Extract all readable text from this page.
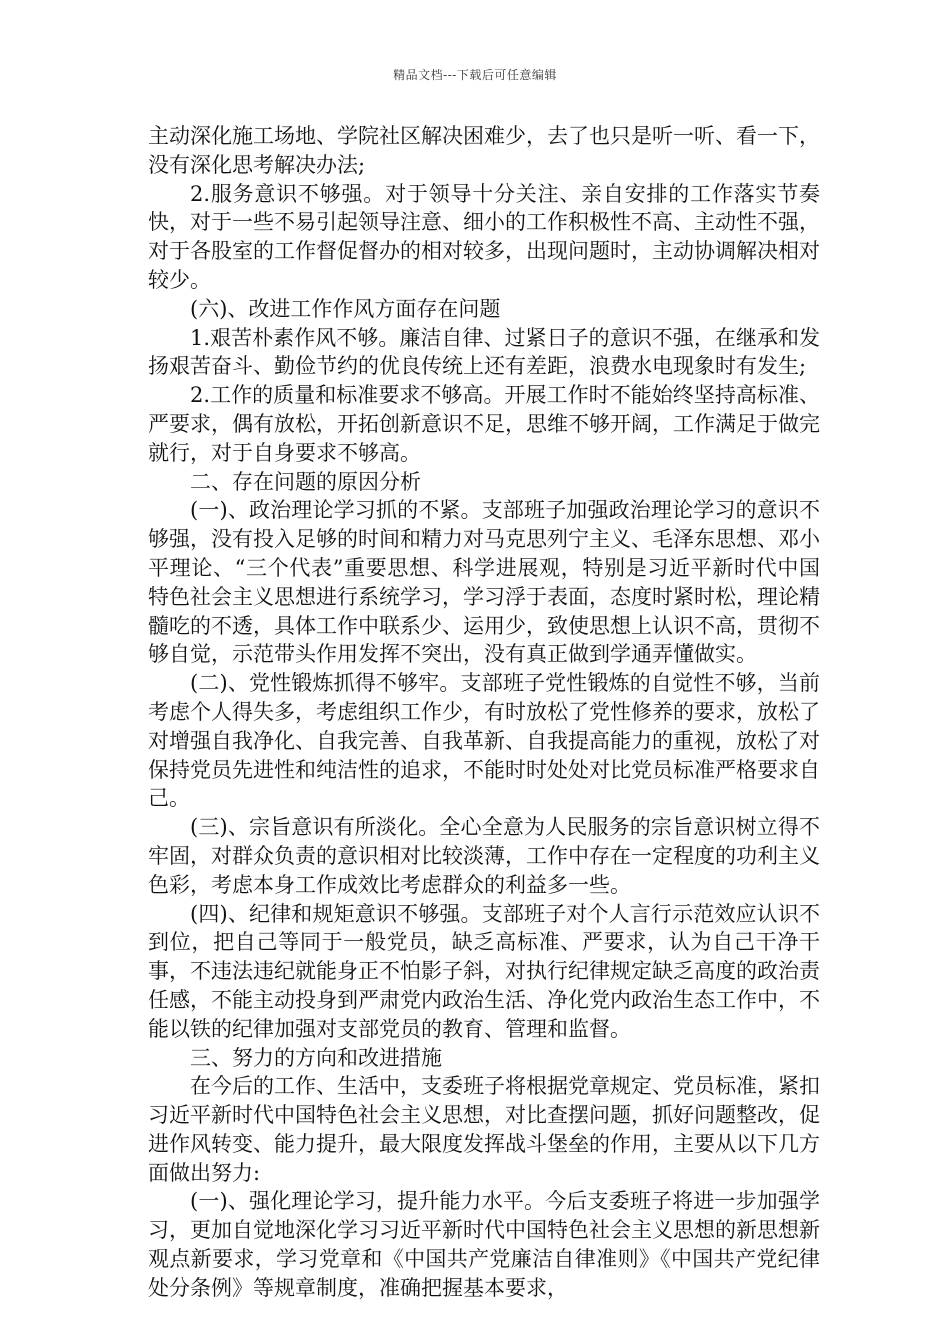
精品文档---下载后可任意编辑

主动深化施工场地、学院社区解决困难少，去了也只是听一听、看一下，没有深化思考解决办法;

2.服务意识不够强。对于领导十分关注、亲自安排的工作落实节奏快，对于一些不易引起领导注意、细小的工作积极性不高、主动性不强，对于各股室的工作督促督办的相对较多，出现问题时，主动协调解决相对较少。

(六)、改进工作作风方面存在问题

1.艰苦朴素作风不够。廉洁自律、过紧日子的意识不强，在继承和发扬艰苦奋斗、勤俭节约的优良传统上还有差距，浪费水电现象时有发生;

2.工作的质量和标准要求不够高。开展工作时不能始终坚持高标准、严要求，偶有放松，开拓创新意识不足，思维不够开阔，工作满足于做完就行，对于自身要求不够高。

二、存在问题的原因分析

(一)、政治理论学习抓的不紧。支部班子加强政治理论学习的意识不够强，没有投入足够的时间和精力对马克思列宁主义、毛泽东思想、邓小平理论、“三个代表”重要思想、科学进展观，特别是习近平新时代中国特色社会主义思想进行系统学习，学习浮于表面，态度时紧时松，理论精髓吃的不透，具体工作中联系少、运用少，致使思想上认识不高，贯彻不够自觉，示范带头作用发挥不突出，没有真正做到学通弄懂做实。

(二)、党性锻炼抓得不够牢。支部班子党性锻炼的自觉性不够，当前考虑个人得失多，考虑组织工作少，有时放松了党性修养的要求，放松了对增强自我净化、自我完善、自我革新、自我提高能力的重视，放松了对保持党员先进性和纯洁性的追求，不能时时处处对比党员标准严格要求自己。

(三)、宗旨意识有所淡化。全心全意为人民服务的宗旨意识树立得不牢固，对群众负责的意识相对比较淡薄，工作中存在一定程度的功利主义色彩，考虑本身工作成效比考虑群众的利益多一些。

(四)、纪律和规矩意识不够强。支部班子对个人言行示范效应认识不到位，把自己等同于一般党员，缺乏高标准、严要求，认为自己干净干事，不违法违纪就能身正不怕影子斜，对执行纪律规定缺乏高度的政治责任感，不能主动投身到严肃党内政治生活、净化党内政治生态工作中，不能以铁的纪律加强对支部党员的教育、管理和监督。

三、努力的方向和改进措施

在今后的工作、生活中，支委班子将根据党章规定、党员标准，紧扣习近平新时代中国特色社会主义思想，对比查摆问题，抓好问题整改，促进作风转变、能力提升，最大限度发挥战斗堡垒的作用，主要从以下几方面做出努力:

(一)、强化理论学习，提升能力水平。今后支委班子将进一步加强学习，更加自觉地深化学习习近平新时代中国特色社会主义思想的新思想新观点新要求，学习党章和《中国共产党廉洁自律准则》《中国共产党纪律处分条例》等规章制度，准确把握基本要求，
